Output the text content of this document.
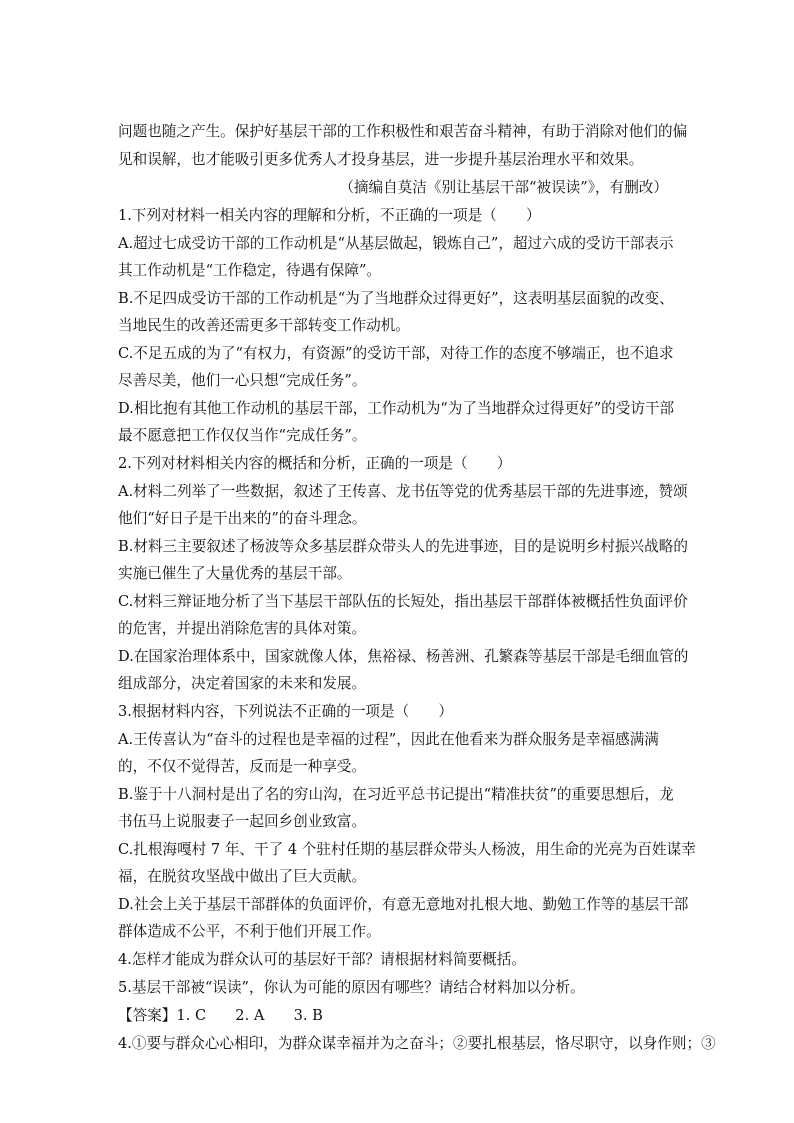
问题也随之产生。保护好基层干部的工作积极性和艰苦奋斗精神，有助于消除对他们的偏
见和误解，也才能吸引更多优秀人才投身基层，进一步提升基层治理水平和效果。
（摘编自莫洁《别让基层干部“被误读”》，有删改）
1.下列对材料一相关内容的理解和分析，不正确的一项是（　　）
A.超过七成受访干部的工作动机是“从基层做起，锻炼自己”，超过六成的受访干部表示
其工作动机是“工作稳定，待遇有保障”。
B.不足四成受访干部的工作动机是“为了当地群众过得更好”，这表明基层面貌的改变、
当地民生的改善还需更多干部转变工作动机。
C.不足五成的为了“有权力，有资源”的受访干部，对待工作的态度不够端正，也不追求
尽善尽美，他们一心只想“完成任务”。
D.相比抱有其他工作动机的基层干部，工作动机为“为了当地群众过得更好”的受访干部
最不愿意把工作仅仅当作“完成任务”。
2.下列对材料相关内容的概括和分析，正确的一项是（　　）
A.材料二列举了一些数据，叙述了王传喜、龙书伍等党的优秀基层干部的先进事迹，赞颂
他们“好日子是干出来的”的奋斗理念。
B.材料三主要叙述了杨波等众多基层群众带头人的先进事迹，目的是说明乡村振兴战略的
实施已催生了大量优秀的基层干部。
C.材料三辩证地分析了当下基层干部队伍的长短处，指出基层干部群体被概括性负面评价
的危害，并提出消除危害的具体对策。
D.在国家治理体系中，国家就像人体，焦裕禄、杨善洲、孔繁森等基层干部是毛细血管的
组成部分，决定着国家的未来和发展。
3.根据材料内容，下列说法不正确的一项是（　　）
A.王传喜认为“奋斗的过程也是幸福的过程”，因此在他看来为群众服务是幸福感满满
的，不仅不觉得苦，反而是一种享受。
B.鉴于十八洞村是出了名的穷山沟，在习近平总书记提出“精准扶贫”的重要思想后，龙
书伍马上说服妻子一起回乡创业致富。
C.扎根海嘎村 7 年、干了 4 个驻村任期的基层群众带头人杨波，用生命的光亮为百姓谋幸
福，在脱贫攻坚战中做出了巨大贡献。
D.社会上关于基层干部群体的负面评价，有意无意地对扎根大地、勤勉工作等的基层干部
群体造成不公平，不利于他们开展工作。
4.怎样才能成为群众认可的基层好干部？请根据材料简要概括。
5.基层干部被“误读”，你认为可能的原因有哪些？请结合材料加以分析。
【答案】1. C　　2. A　　3. B
4.①要与群众心心相印，为群众谋幸福并为之奋斗；②要扎根基层，恪尽职守，以身作则；③
